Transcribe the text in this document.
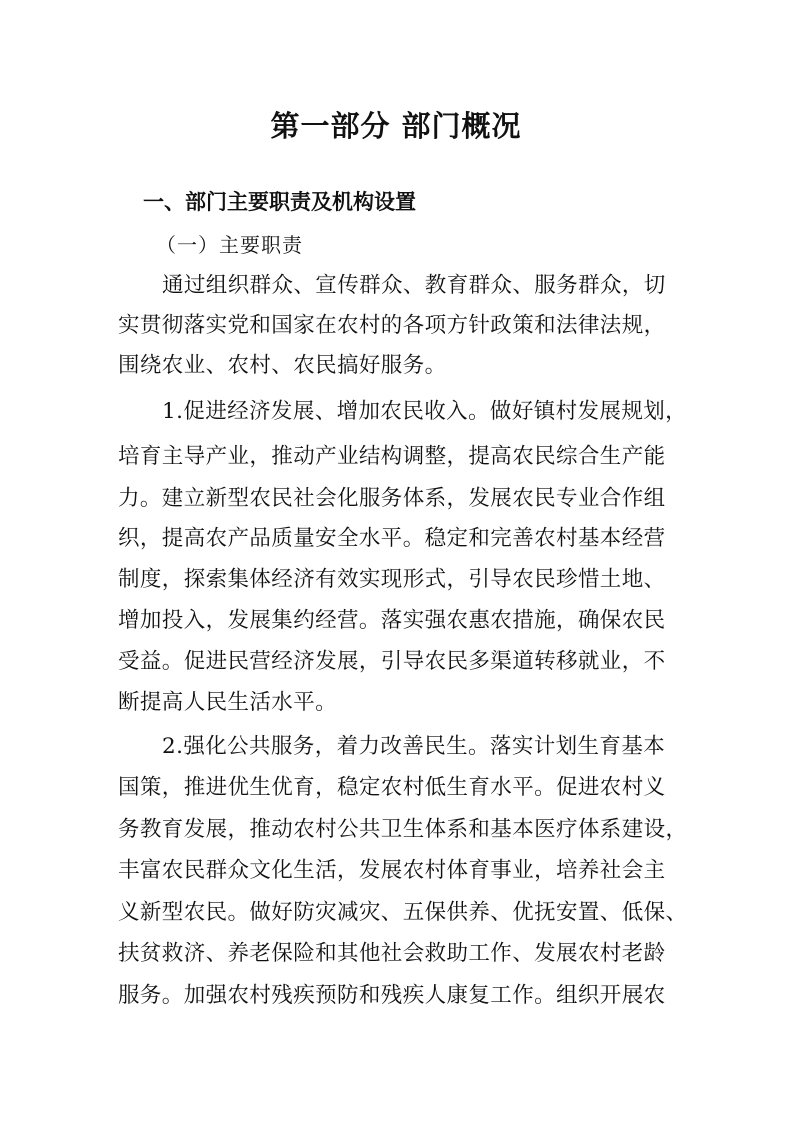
第一部分 部门概况
一、部门主要职责及机构设置
（一）主要职责
通过组织群众、宣传群众、教育群众、服务群众，切
实贯彻落实党和国家在农村的各项方针政策和法律法规，
围绕农业、农村、农民搞好服务。
1.促进经济发展、增加农民收入。做好镇村发展规划，
培育主导产业，推动产业结构调整，提高农民综合生产能
力。建立新型农民社会化服务体系，发展农民专业合作组
织，提高农产品质量安全水平。稳定和完善农村基本经营
制度，探索集体经济有效实现形式，引导农民珍惜土地、
增加投入，发展集约经营。落实强农惠农措施，确保农民
受益。促进民营经济发展，引导农民多渠道转移就业，不
断提高人民生活水平。
2.强化公共服务，着力改善民生。落实计划生育基本
国策，推进优生优育，稳定农村低生育水平。促进农村义
务教育发展，推动农村公共卫生体系和基本医疗体系建设，
丰富农民群众文化生活，发展农村体育事业，培养社会主
义新型农民。做好防灾减灾、五保供养、优抚安置、低保、
扶贫救济、养老保险和其他社会救助工作、发展农村老龄
服务。加强农村残疾预防和残疾人康复工作。组织开展农
